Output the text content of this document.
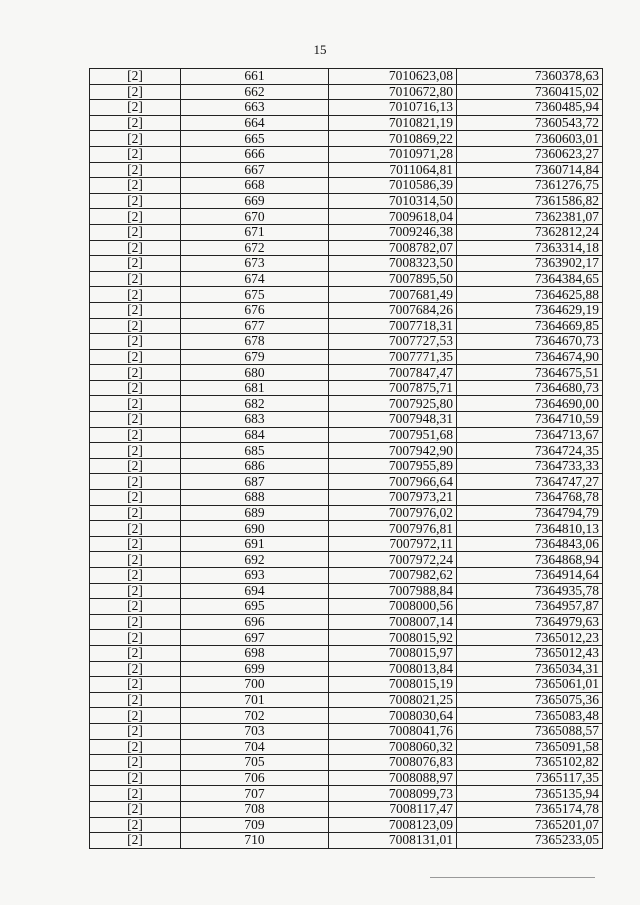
15
[2]	661	7010623,08	7360378,63
[2]	662	7010672,80	7360415,02
[2]	663	7010716,13	7360485,94
[2]	664	7010821,19	7360543,72
[2]	665	7010869,22	7360603,01
[2]	666	7010971,28	7360623,27
[2]	667	7011064,81	7360714,84
[2]	668	7010586,39	7361276,75
[2]	669	7010314,50	7361586,82
[2]	670	7009618,04	7362381,07
[2]	671	7009246,38	7362812,24
[2]	672	7008782,07	7363314,18
[2]	673	7008323,50	7363902,17
[2]	674	7007895,50	7364384,65
[2]	675	7007681,49	7364625,88
[2]	676	7007684,26	7364629,19
[2]	677	7007718,31	7364669,85
[2]	678	7007727,53	7364670,73
[2]	679	7007771,35	7364674,90
[2]	680	7007847,47	7364675,51
[2]	681	7007875,71	7364680,73
[2]	682	7007925,80	7364690,00
[2]	683	7007948,31	7364710,59
[2]	684	7007951,68	7364713,67
[2]	685	7007942,90	7364724,35
[2]	686	7007955,89	7364733,33
[2]	687	7007966,64	7364747,27
[2]	688	7007973,21	7364768,78
[2]	689	7007976,02	7364794,79
[2]	690	7007976,81	7364810,13
[2]	691	7007972,11	7364843,06
[2]	692	7007972,24	7364868,94
[2]	693	7007982,62	7364914,64
[2]	694	7007988,84	7364935,78
[2]	695	7008000,56	7364957,87
[2]	696	7008007,14	7364979,63
[2]	697	7008015,92	7365012,23
[2]	698	7008015,97	7365012,43
[2]	699	7008013,84	7365034,31
[2]	700	7008015,19	7365061,01
[2]	701	7008021,25	7365075,36
[2]	702	7008030,64	7365083,48
[2]	703	7008041,76	7365088,57
[2]	704	7008060,32	7365091,58
[2]	705	7008076,83	7365102,82
[2]	706	7008088,97	7365117,35
[2]	707	7008099,73	7365135,94
[2]	708	7008117,47	7365174,78
[2]	709	7008123,09	7365201,07
[2]	710	7008131,01	7365233,05
